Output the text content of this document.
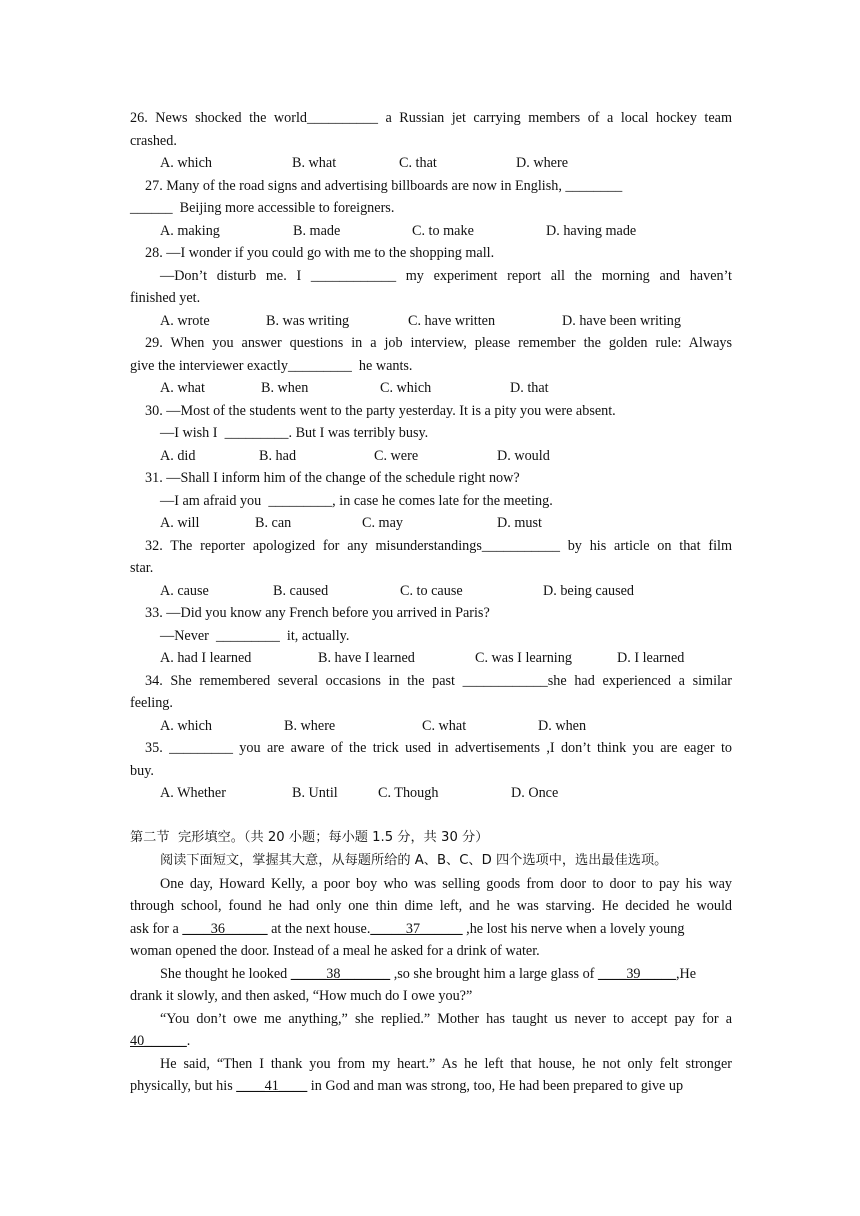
26. News shocked the world__________ a Russian jet carrying members of a local hockey team
crashed.
A. which	B. what	C. that	D. where
27. Many of the road signs and advertising billboards are now in English, ________
______  Beijing more accessible to foreigners.
A. making	B. made	C. to make	D. having made
28. —I wonder if you could go with me to the shopping mall.
—Don’t disturb me. I ____________ my experiment report all the morning and haven’t
finished yet.
A. wrote	B. was writing	C. have written	D. have been writing
29. When you answer questions in a job interview, please remember the golden rule: Always
give the interviewer exactly_________  he wants.
A. what	B. when	C. which	D. that
30. —Most of the students went to the party yesterday. It is a pity you were absent.
—I wish I  _________. But I was terribly busy.
A. did	B. had	C. were	D. would
31. —Shall I inform him of the change of the schedule right now?
—I am afraid you  _________, in case he comes late for the meeting.
A. will	B. can	C. may	D. must
32. The reporter apologized for any misunderstandings___________ by his article on that film
star.
A. cause	B. caused	C. to cause	D. being caused
33. —Did you know any French before you arrived in Paris?
—Never  _________  it, actually.
A. had I learned	B. have I learned	C. was I learning	D. I learned
34. She remembered several occasions in the past ____________she had experienced a similar
feeling.
A. which	B. where	C. what	D. when
35. _________ you are aware of the trick used in advertisements ,I don’t think you are eager to
buy.
A. Whether	B. Until	C. Though	D. Once
第二节  完形填空。（共 20 小题；每小题 1.5 分，共 30 分）
阅读下面短文，掌握其大意，从每题所给的 A、B、C、D 四个选项中，选出最佳选项。
One day, Howard Kelly, a poor boy who was selling goods from door to door to pay his way
through school, found he had only one thin dime left, and he was starving. He decided he would
ask for a ____36______ at the next house._____37______ ,he lost his nerve when a lovely young
woman opened the door. Instead of a meal he asked for a drink of water.
She thought he looked _____38_______ ,so she brought him a large glass of ____39_____,He
drank it slowly, and then asked, “How much do I owe you?”
“You don’t owe me anything,” she replied.” Mother has taught us never to accept pay for a
40______.
He said, “Then I thank you from my heart.” As he left that house, he not only felt stronger
physically, but his ____41____ in God and man was strong, too, He had been prepared to give up
